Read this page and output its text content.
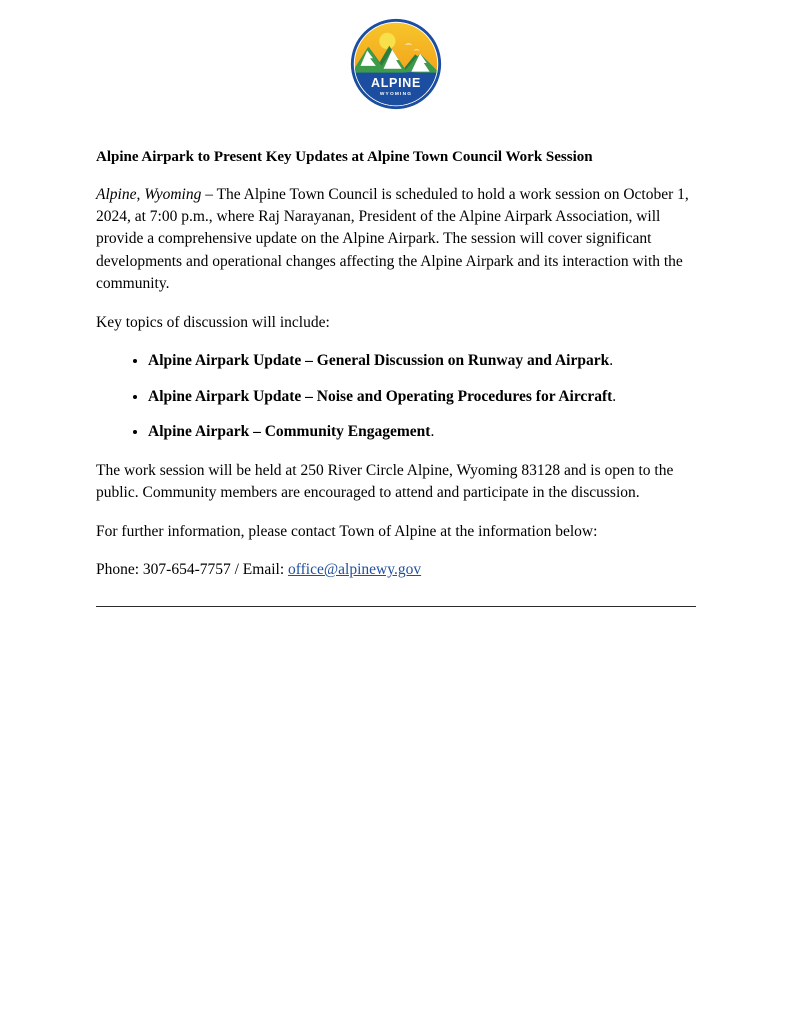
ALPINE
WYOMING
Alpine Airpark to Present Key Updates at Alpine Town Council Work Session

Alpine, Wyoming – The Alpine Town Council is scheduled to hold a work session on October 1, 2024, at 7:00 p.m., where Raj Narayanan, President of the Alpine Airpark Association, will provide a comprehensive update on the Alpine Airpark. The session will cover significant developments and operational changes affecting the Alpine Airpark and its interaction with the community.

Key topics of discussion will include:

• Alpine Airpark Update – General Discussion on Runway and Airpark.
• Alpine Airpark Update – Noise and Operating Procedures for Aircraft.
• Alpine Airpark – Community Engagement.

The work session will be held at 250 River Circle Alpine, Wyoming 83128 and is open to the public. Community members are encouraged to attend and participate in the discussion.

For further information, please contact Town of Alpine at the information below:

Phone: 307-654-7757 / Email: office@alpinewy.gov
